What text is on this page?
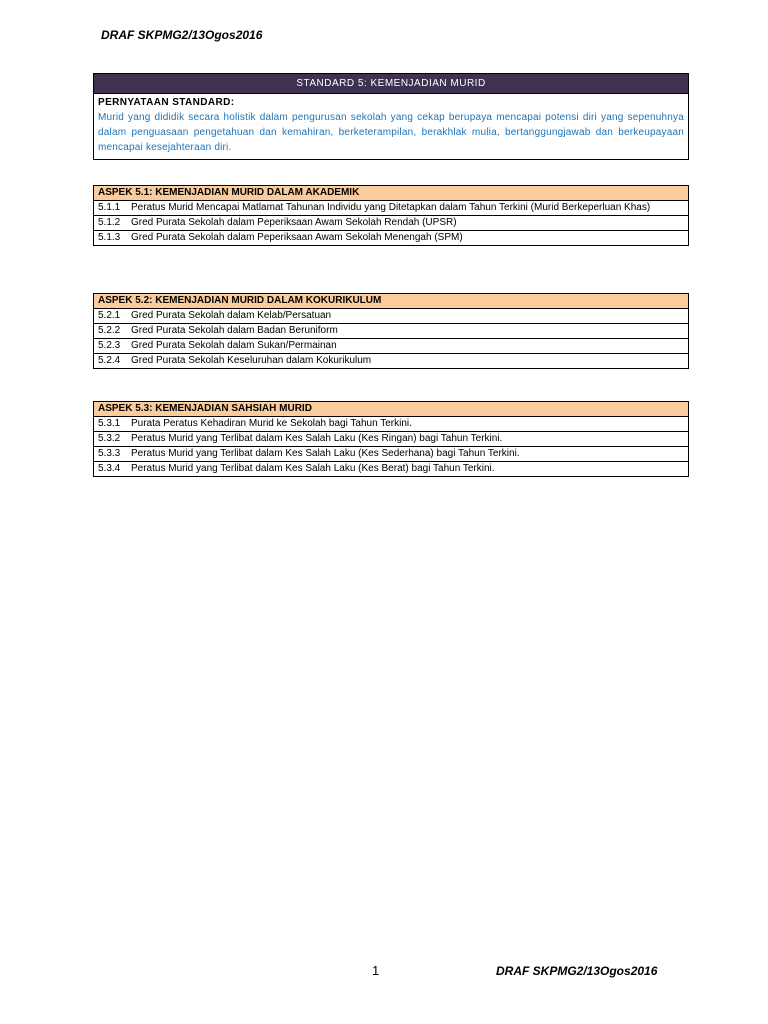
DRAF SKPMG2/13Ogos2016
STANDARD 5: KEMENJADIAN MURID
PERNYATAAN STANDARD:
Murid yang dididik secara holistik dalam pengurusan sekolah yang cekap berupaya mencapai potensi diri yang sepenuhnya dalam penguasaan pengetahuan dan kemahiran, berketerampilan, berakhlak mulia, bertanggungjawab dan berkeupayaan mencapai kesejahteraan diri.
ASPEK 5.1: KEMENJADIAN MURID DALAM AKADEMIK
5.1.1	Peratus Murid Mencapai Matlamat Tahunan Individu yang Ditetapkan dalam Tahun Terkini (Murid Berkeperluan Khas)
5.1.2	Gred Purata Sekolah dalam Peperiksaan Awam Sekolah Rendah (UPSR)
5.1.3	Gred Purata Sekolah dalam Peperiksaan Awam Sekolah Menengah (SPM)
ASPEK 5.2: KEMENJADIAN MURID DALAM KOKURIKULUM
5.2.1	Gred Purata Sekolah dalam Kelab/Persatuan
5.2.2	Gred Purata Sekolah dalam Badan Beruniform
5.2.3	Gred Purata Sekolah dalam Sukan/Permainan
5.2.4	Gred Purata Sekolah Keseluruhan dalam Kokurikulum
ASPEK 5.3: KEMENJADIAN SAHSIAH MURID
5.3.1	Purata Peratus Kehadiran Murid ke Sekolah bagi Tahun Terkini.
5.3.2	Peratus Murid yang Terlibat dalam Kes Salah Laku (Kes Ringan) bagi Tahun Terkini.
5.3.3	Peratus Murid yang Terlibat dalam Kes Salah Laku (Kes Sederhana) bagi Tahun Terkini.
5.3.4	Peratus Murid yang Terlibat dalam Kes Salah Laku (Kes Berat) bagi Tahun Terkini.
1	DRAF SKPMG2/13Ogos2016
